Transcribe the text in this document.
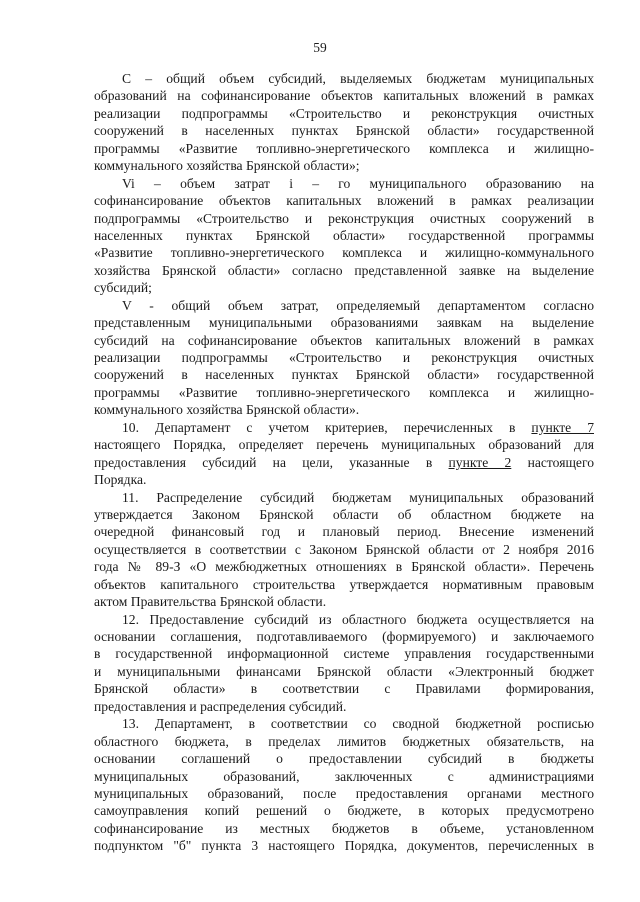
59
С – общий объем субсидий, выделяемых бюджетам муниципальных
образований на софинансирование объектов капитальных вложений в рамках
реализации подпрограммы «Строительство и реконструкция очистных
сооружений в населенных пунктах Брянской области» государственной
программы «Развитие топливно-энергетического комплекса и жилищно-
коммунального хозяйства Брянской области»;
Vi – объем затрат i – го муниципального образованию на
софинансирование объектов капитальных вложений в рамках реализации
подпрограммы «Строительство и реконструкция очистных сооружений в
населенных пунктах Брянской области» государственной программы
«Развитие топливно-энергетического комплекса и жилищно-коммунального
хозяйства Брянской области» согласно представленной заявке на выделение
субсидий;
V - общий объем затрат, определяемый департаментом согласно
представленным муниципальными образованиями заявкам на выделение
субсидий на софинансирование объектов капитальных вложений в рамках
реализации подпрограммы «Строительство и реконструкция очистных
сооружений в населенных пунктах Брянской области» государственной
программы «Развитие топливно-энергетического комплекса и жилищно-
коммунального хозяйства Брянской области».
10. Департамент с учетом критериев, перечисленных в пункте 7
настоящего Порядка, определяет перечень муниципальных образований для
предоставления субсидий на цели, указанные в пункте 2 настоящего
Порядка.
11. Распределение субсидий бюджетам муниципальных образований
утверждается Законом Брянской области об областном бюджете на
очередной финансовый год и плановый период. Внесение изменений
осуществляется в соответствии с Законом Брянской области от 2 ноября 2016
года № 89-З «О межбюджетных отношениях в Брянской области». Перечень
объектов капитального строительства утверждается нормативным правовым
актом Правительства Брянской области.
12. Предоставление субсидий из областного бюджета осуществляется на
основании соглашения, подготавливаемого (формируемого) и заключаемого
в государственной информационной системе управления государственными
и муниципальными финансами Брянской области «Электронный бюджет
Брянской области» в соответствии с Правилами формирования,
предоставления и распределения субсидий.
13. Департамент, в соответствии со сводной бюджетной росписью
областного бюджета, в пределах лимитов бюджетных обязательств, на
основании соглашений о предоставлении субсидий в бюджеты
муниципальных образований, заключенных с администрациями
муниципальных образований, после предоставления органами местного
самоуправления копий решений о бюджете, в которых предусмотрено
софинансирование из местных бюджетов в объеме, установленном
подпунктом "б" пункта 3 настоящего Порядка, документов, перечисленных в
